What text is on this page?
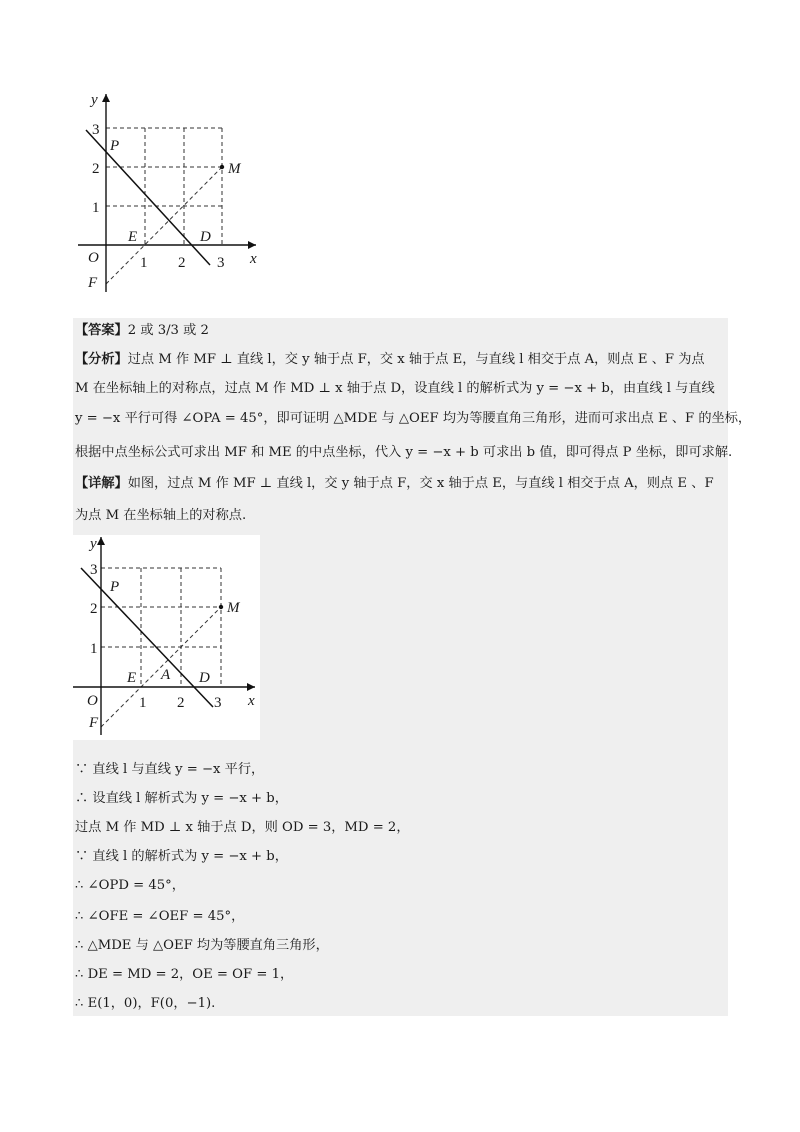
y
x
O	1 2 3
1
2
3
P
M
E	D
F
【答案】2 或 3/3 或 2
【分析】过点 M 作 MF ⊥ 直线 l，交 y 轴于点 F，交 x 轴于点 E，与直线 l 相交于点 A，则点 E 、F 为点
M 在坐标轴上的对称点，过点 M 作 MD ⊥ x 轴于点 D，设直线 l 的解析式为 y = −x + b，由直线 l 与直线
y = −x 平行可得 ∠OPA = 45°，即可证明 △MDE 与 △OEF 均为等腰直角三角形，进而可求出点 E 、F 的坐标，
根据中点坐标公式可求出 MF 和 ME 的中点坐标，代入 y = −x + b 可求出 b 值，即可得点 P 坐标，即可求解.
【详解】如图，过点 M 作 MF ⊥ 直线 l，交 y 轴于点 F，交 x 轴于点 E，与直线 l 相交于点 A，则点 E 、F
为点 M 在坐标轴上的对称点.
y
x
O	1 2 3
1
2
3
P
M
E A D
F
∵ 直线 l 与直线 y = −x 平行，
∴ 设直线 l 解析式为 y = −x + b，
过点 M 作 MD ⊥ x 轴于点 D，则 OD = 3，MD = 2，
∵ 直线 l 的解析式为 y = −x + b，
∴ ∠OPD = 45°，
∴ ∠OFE = ∠OEF = 45°，
∴ △MDE 与 △OEF 均为等腰直角三角形，
∴ DE = MD = 2，OE = OF = 1，
∴ E(1，0)，F(0，−1).
